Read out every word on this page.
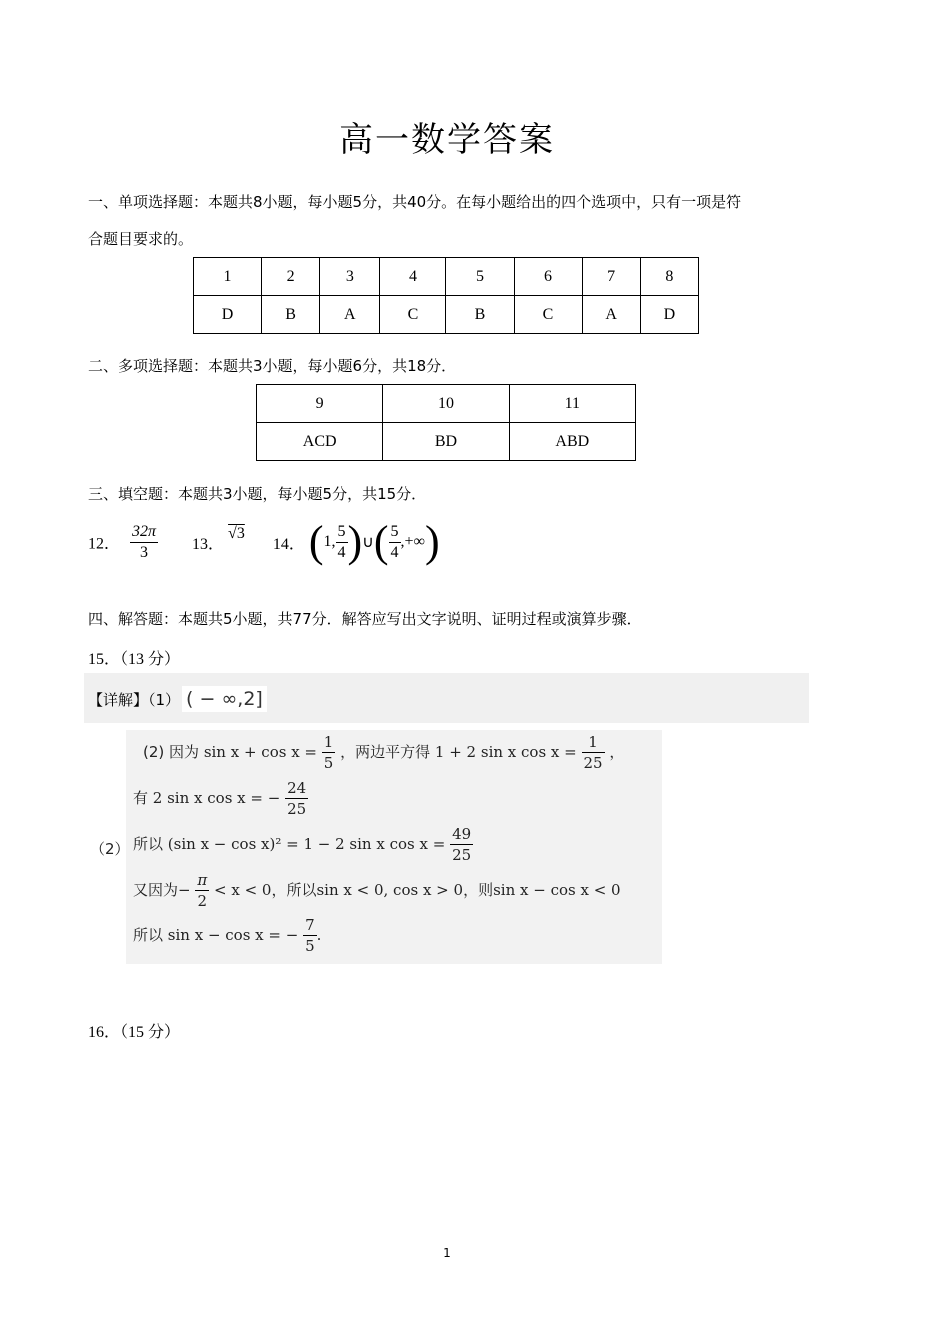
高一数学答案
一、单项选择题：本题共8小题，每小题5分，共40分。在每小题给出的四个选项中，只有一项是符
合题目要求的。
1	2	3	4	5	6	7	8
D	B	A	C	B	C	A	D
二、多项选择题：本题共3小题，每小题6分，共18分．
9	10	11
ACD	BD	ABD
三、填空题：本题共3小题，每小题5分，共15分．
12． $\frac{32\pi}{3} 13$． √3 14． (1, $\frac{5}{4}$ )∪( $\frac{5}{4}$ ,+∞)
四、解答题：本题共5小题，共77分．解答应写出文字说明、证明过程或演算步骤．
15．（13 分）
【详解】（1） ( − ∞,2]
(2) 因为 $\sin x + \cos x = \frac{1}{5}$ ，两边平方得 1 + 2 sin x $\cos x = \frac{1}{25}$ ，
有 2 sin x cos x = − $\frac{24}{25}$
（2） 所以 (sin x − cos x)² = 1 − 2 sin x $\cos x = \frac{49}{25}$
又因为− $\frac{\pi}{2} < x < 0$，所以sin x < 0, cos x > 0，则sin x − cos x < 0
所以 sin x − cos x = − $\frac{7}{5}$ .
16．（15 分）
1
